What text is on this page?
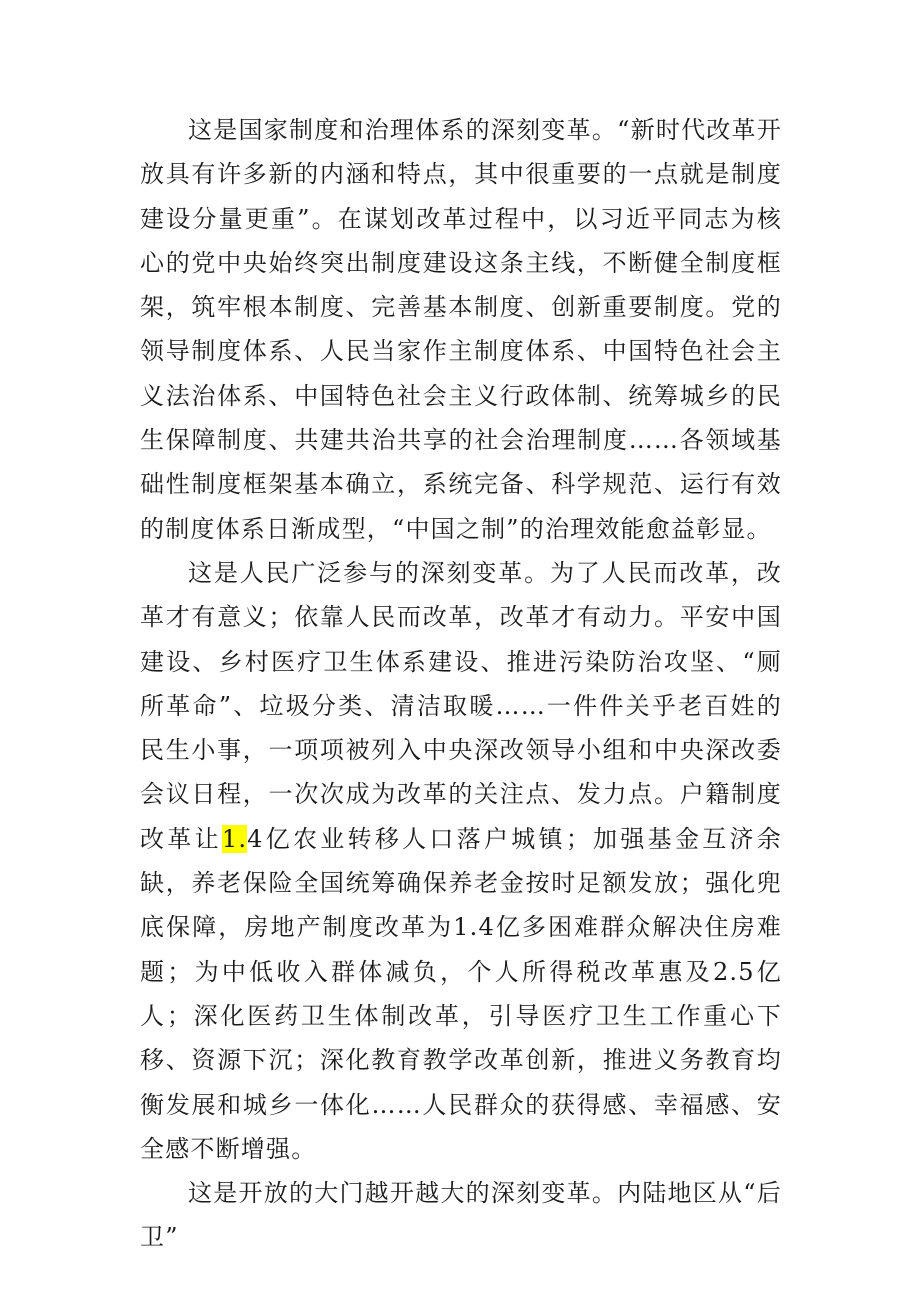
这是国家制度和治理体系的深刻变革。“新时代改革开放具有许多新的内涵和特点，其中很重要的一点就是制度建设分量更重”。在谋划改革过程中，以习近平同志为核心的党中央始终突出制度建设这条主线，不断健全制度框架，筑牢根本制度、完善基本制度、创新重要制度。党的领导制度体系、人民当家作主制度体系、中国特色社会主义法治体系、中国特色社会主义行政体制、统筹城乡的民生保障制度、共建共治共享的社会治理制度……各领域基础性制度框架基本确立，系统完备、科学规范、运行有效的制度体系日渐成型，“中国之制”的治理效能愈益彰显。

这是人民广泛参与的深刻变革。为了人民而改革，改革才有意义；依靠人民而改革，改革才有动力。平安中国建设、乡村医疗卫生体系建设、推进污染防治攻坚、“厕所革命”、垃圾分类、清洁取暖……一件件关乎老百姓的民生小事，一项项被列入中央深改领导小组和中央深改委会议日程，一次次成为改革的关注点、发力点。户籍制度改革让1.4亿农业转移人口落户城镇；加强基金互济余缺，养老保险全国统筹确保养老金按时足额发放；强化兜底保障，房地产制度改革为1.4亿多困难群众解决住房难题；为中低收入群体减负，个人所得税改革惠及2.5亿人；深化医药卫生体制改革，引导医疗卫生工作重心下移、资源下沉；深化教育教学改革创新，推进义务教育均衡发展和城乡一体化……人民群众的获得感、幸福感、安全感不断增强。

这是开放的大门越开越大的深刻变革。内陆地区从“后卫”
